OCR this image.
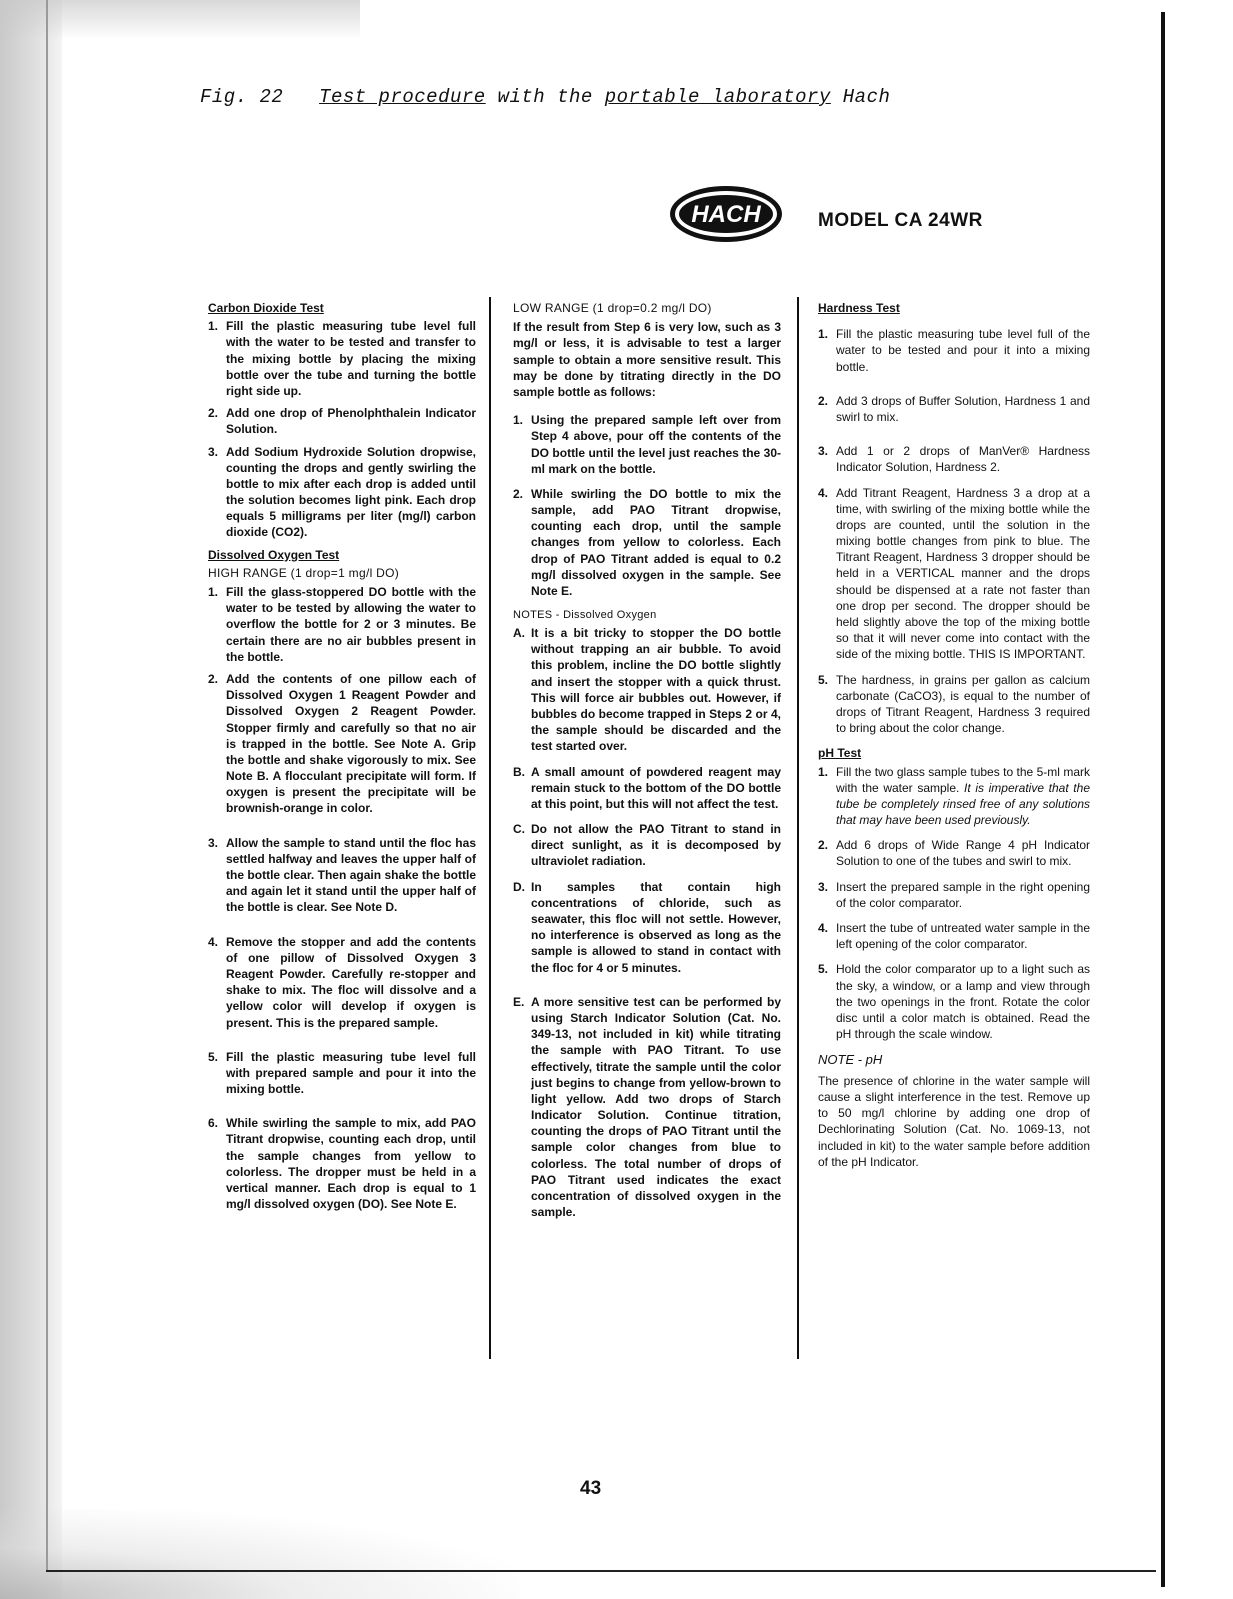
Fig. 22 Test procedure with the portable laboratory Hach
HACH	MODEL CA 24WR
Carbon Dioxide Test
1. Fill the plastic measuring tube level full with the water to be tested and transfer to the mixing bottle by placing the mixing bottle over the tube and turning the bottle right side up.
2. Add one drop of Phenolphthalein Indicator Solution.
3. Add Sodium Hydroxide Solution dropwise, counting the drops and gently swirling the bottle to mix after each drop is added until the solution becomes light pink. Each drop equals 5 milligrams per liter (mg/l) carbon dioxide (CO2).
Dissolved Oxygen Test
HIGH RANGE (1 drop=1 mg/l DO)
1. Fill the glass-stoppered DO bottle with the water to be tested by allowing the water to overflow the bottle for 2 or 3 minutes. Be certain there are no air bubbles present in the bottle.
2. Add the contents of one pillow each of Dissolved Oxygen 1 Reagent Powder and Dissolved Oxygen 2 Reagent Powder. Stopper firmly and carefully so that no air is trapped in the bottle. See Note A. Grip the bottle and shake vigorously to mix. See Note B. A flocculant precipitate will form. If oxygen is present the precipitate will be brownish-orange in color.
3. Allow the sample to stand until the floc has settled halfway and leaves the upper half of the bottle clear. Then again shake the bottle and again let it stand until the upper half of the bottle is clear. See Note D.
4. Remove the stopper and add the contents of one pillow of Dissolved Oxygen 3 Reagent Powder. Carefully re-stopper and shake to mix. The floc will dissolve and a yellow color will develop if oxygen is present. This is the prepared sample.
5. Fill the plastic measuring tube level full with prepared sample and pour it into the mixing bottle.
6. While swirling the sample to mix, add PAO Titrant dropwise, counting each drop, until the sample changes from yellow to colorless. The dropper must be held in a vertical manner. Each drop is equal to 1 mg/l dissolved oxygen (DO). See Note E.
LOW RANGE (1 drop=0.2 mg/l DO)
If the result from Step 6 is very low, such as 3 mg/l or less, it is advisable to test a larger sample to obtain a more sensitive result. This may be done by titrating directly in the DO sample bottle as follows:
1. Using the prepared sample left over from Step 4 above, pour off the contents of the DO bottle until the level just reaches the 30-ml mark on the bottle.
2. While swirling the DO bottle to mix the sample, add PAO Titrant dropwise, counting each drop, until the sample changes from yellow to colorless. Each drop of PAO Titrant added is equal to 0.2 mg/l dissolved oxygen in the sample. See Note E.
NOTES - Dissolved Oxygen
A. It is a bit tricky to stopper the DO bottle without trapping an air bubble. To avoid this problem, incline the DO bottle slightly and insert the stopper with a quick thrust. This will force air bubbles out. However, if bubbles do become trapped in Steps 2 or 4, the sample should be discarded and the test started over.
B. A small amount of powdered reagent may remain stuck to the bottom of the DO bottle at this point, but this will not affect the test.
C. Do not allow the PAO Titrant to stand in direct sunlight, as it is decomposed by ultraviolet radiation.
D. In samples that contain high concentrations of chloride, such as seawater, this floc will not settle. However, no interference is observed as long as the sample is allowed to stand in contact with the floc for 4 or 5 minutes.
E. A more sensitive test can be performed by using Starch Indicator Solution (Cat. No. 349-13, not included in kit) while titrating the sample with PAO Titrant. To use effectively, titrate the sample until the color just begins to change from yellow-brown to light yellow. Add two drops of Starch Indicator Solution. Continue titration, counting the drops of PAO Titrant until the sample color changes from blue to colorless. The total number of drops of PAO Titrant used indicates the exact concentration of dissolved oxygen in the sample.
Hardness Test
1. Fill the plastic measuring tube level full of the water to be tested and pour it into a mixing bottle.
2. Add 3 drops of Buffer Solution, Hardness 1 and swirl to mix.
3. Add 1 or 2 drops of ManVer® Hardness Indicator Solution, Hardness 2.
4. Add Titrant Reagent, Hardness 3 a drop at a time, with swirling of the mixing bottle while the drops are counted, until the solution in the mixing bottle changes from pink to blue. The Titrant Reagent, Hardness 3 dropper should be held in a VERTICAL manner and the drops should be dispensed at a rate not faster than one drop per second. The dropper should be held slightly above the top of the mixing bottle so that it will never come into contact with the side of the mixing bottle. THIS IS IMPORTANT.
5. The hardness, in grains per gallon as calcium carbonate (CaCO3), is equal to the number of drops of Titrant Reagent, Hardness 3 required to bring about the color change.
pH Test
1. Fill the two glass sample tubes to the 5-ml mark with the water sample. It is imperative that the tube be completely rinsed free of any solutions that may have been used previously.
2. Add 6 drops of Wide Range 4 pH Indicator Solution to one of the tubes and swirl to mix.
3. Insert the prepared sample in the right opening of the color comparator.
4. Insert the tube of untreated water sample in the left opening of the color comparator.
5. Hold the color comparator up to a light such as the sky, a window, or a lamp and view through the two openings in the front. Rotate the color disc until a color match is obtained. Read the pH through the scale window.
NOTE - pH
The presence of chlorine in the water sample will cause a slight interference in the test. Remove up to 50 mg/l chlorine by adding one drop of Dechlorinating Solution (Cat. No. 1069-13, not included in kit) to the water sample before addition of the pH Indicator.
43
